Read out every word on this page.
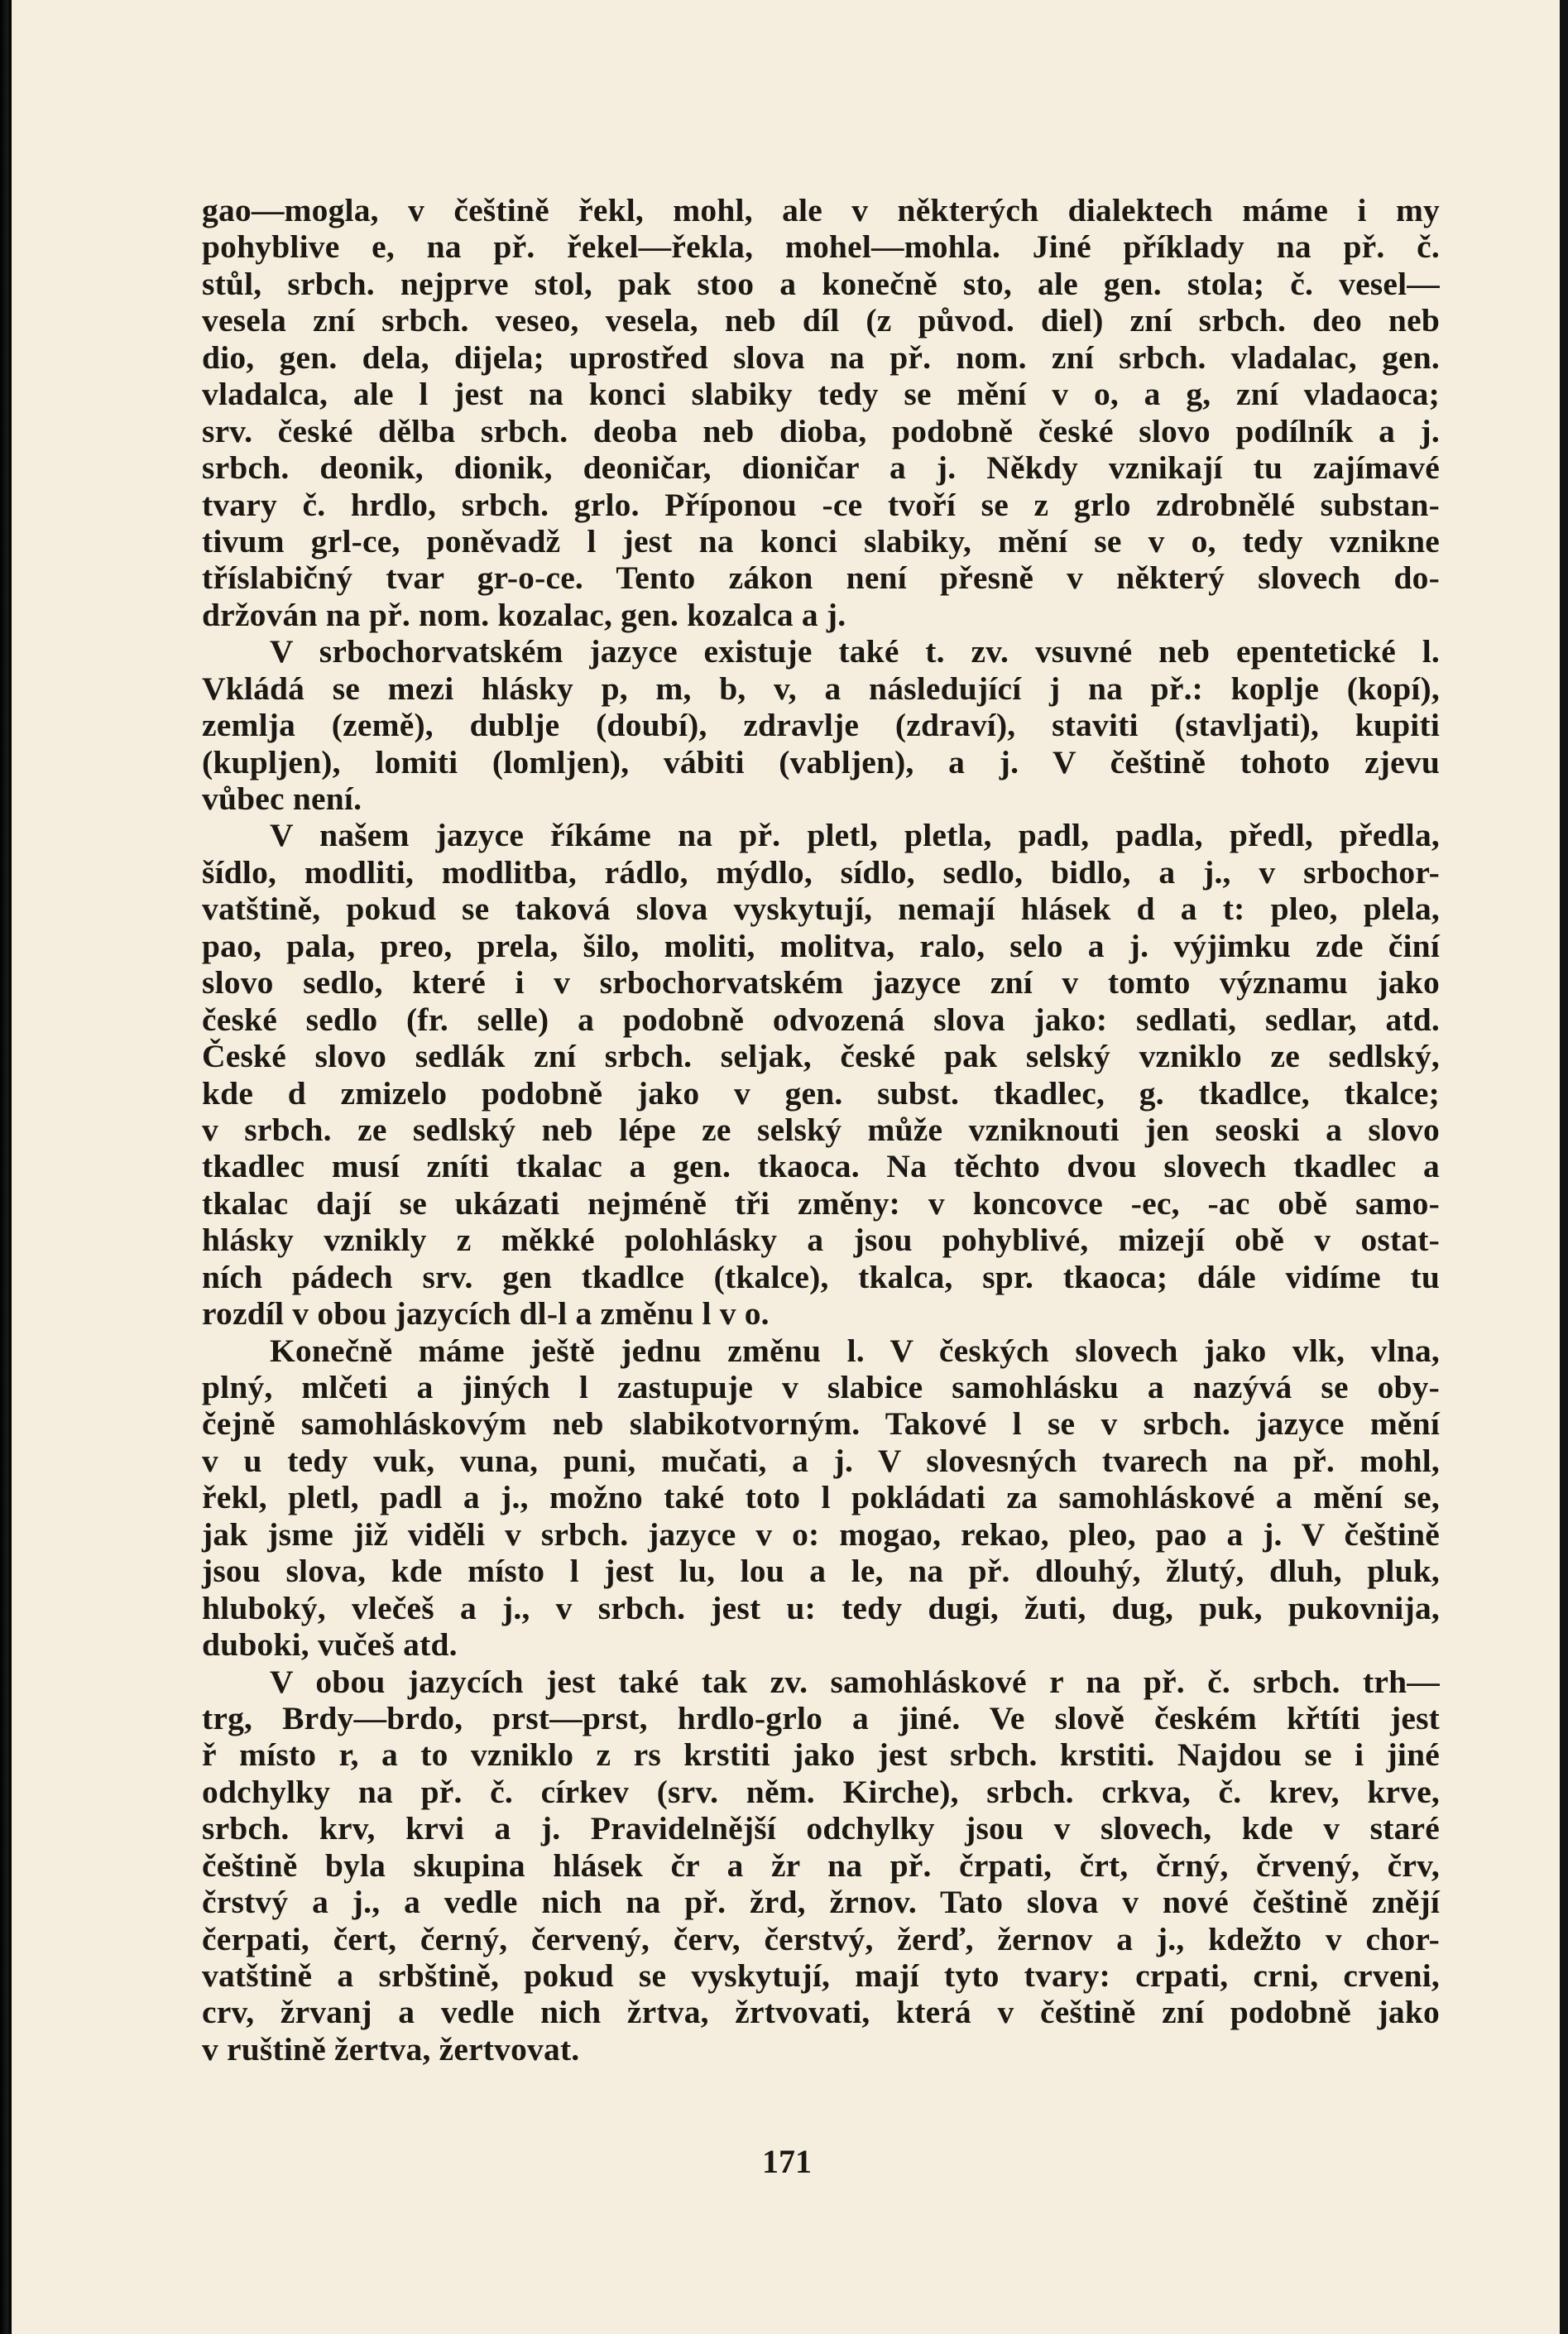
gao—mogla, v češtině řekl, mohl, ale v některých dialektech máme i my
pohyblive e, na př. řekel—řekla, mohel—mohla. Jiné příklady na př. č.
stůl, srbch. nejprve stol, pak stoo a konečně sto, ale gen. stola; č. vesel—
vesela zní srbch. veseo, vesela, neb díl (z původ. diel) zní srbch. deo neb
dio, gen. dela, dijela; uprostřed slova na př. nom. zní srbch. vladalac, gen.
vladalca, ale l jest na konci slabiky tedy se mění v o, a g, zní vladaoca;
srv. české dělba srbch. deoba neb dioba, podobně české slovo podílník a j.
srbch. deonik, dionik, deoničar, dioničar a j. Někdy vznikají tu zajímavé
tvary č. hrdlo, srbch. grlo. Příponou -ce tvoří se z grlo zdrobnělé substan-
tivum grl-ce, poněvadž l jest na konci slabiky, mění se v o, tedy vznikne
tříslabičný tvar gr-o-ce. Tento zákon není přesně v některý slovech do-
držován na př. nom. kozalac, gen. kozalca a j.
V srbochorvatském jazyce existuje také t. zv. vsuvné neb epentetické l.
Vkládá se mezi hlásky p, m, b, v, a následující j na př.: koplje (kopí),
zemlja (země), dublje (doubí), zdravlje (zdraví), staviti (stavljati), kupiti
(kupljen), lomiti (lomljen), vábiti (vabljen), a j. V češtině tohoto zjevu
vůbec není.
V našem jazyce říkáme na př. pletl, pletla, padl, padla, předl, předla,
šídlo, modliti, modlitba, rádlo, mýdlo, sídlo, sedlo, bidlo, a j., v srbochor-
vatštině, pokud se taková slova vyskytují, nemají hlásek d a t: pleo, plela,
pao, pala, preo, prela, šilo, moliti, molitva, ralo, selo a j. výjimku zde činí
slovo sedlo, které i v srbochorvatském jazyce zní v tomto významu jako
české sedlo (fr. selle) a podobně odvozená slova jako: sedlati, sedlar, atd.
České slovo sedlák zní srbch. seljak, české pak selský vzniklo ze sedlský,
kde d zmizelo podobně jako v gen. subst. tkadlec, g. tkadlce, tkalce;
v srbch. ze sedlský neb lépe ze selský může vzniknouti jen seoski a slovo
tkadlec musí zníti tkalac a gen. tkaoca. Na těchto dvou slovech tkadlec a
tkalac dají se ukázati nejméně tři změny: v koncovce -ec, -ac obě samo-
hlásky vznikly z měkké polohlásky a jsou pohyblivé, mizejí obě v ostat-
ních pádech srv. gen tkadlce (tkalce), tkalca, spr. tkaoca; dále vidíme tu
rozdíl v obou jazycích dl-l a změnu l v o.
Konečně máme ještě jednu změnu l. V českých slovech jako vlk, vlna,
plný, mlčeti a jiných l zastupuje v slabice samohlásku a nazývá se oby-
čejně samohláskovým neb slabikotvorným. Takové l se v srbch. jazyce mění
v u tedy vuk, vuna, puni, mučati, a j. V slovesných tvarech na př. mohl,
řekl, pletl, padl a j., možno také toto l pokládati za samohláskové a mění se,
jak jsme již viděli v srbch. jazyce v o: mogao, rekao, pleo, pao a j. V češtině
jsou slova, kde místo l jest lu, lou a le, na př. dlouhý, žlutý, dluh, pluk,
hluboký, vlečeš a j., v srbch. jest u: tedy dugi, žuti, dug, puk, pukovnija,
duboki, vučeš atd.
V obou jazycích jest také tak zv. samohláskové r na př. č. srbch. trh—
trg, Brdy—brdo, prst—prst, hrdlo-grlo a jiné. Ve slově českém křtíti jest
ř místo r, a to vzniklo z rs krstiti jako jest srbch. krstiti. Najdou se i jiné
odchylky na př. č. církev (srv. něm. Kirche), srbch. crkva, č. krev, krve,
srbch. krv, krvi a j. Pravidelnější odchylky jsou v slovech, kde v staré
češtině byla skupina hlásek čr a žr na př. črpati, črt, črný, črvený, črv,
črstvý a j., a vedle nich na př. žrd, žrnov. Tato slova v nové češtině znějí
čerpati, čert, černý, červený, červ, čerstvý, žerď, žernov a j., kdežto v chor-
vatštině a srbštině, pokud se vyskytují, mají tyto tvary: crpati, crni, crveni,
crv, žrvanj a vedle nich žrtva, žrtvovati, která v češtině zní podobně jako
v ruštině žertva, žertvovat.
171
